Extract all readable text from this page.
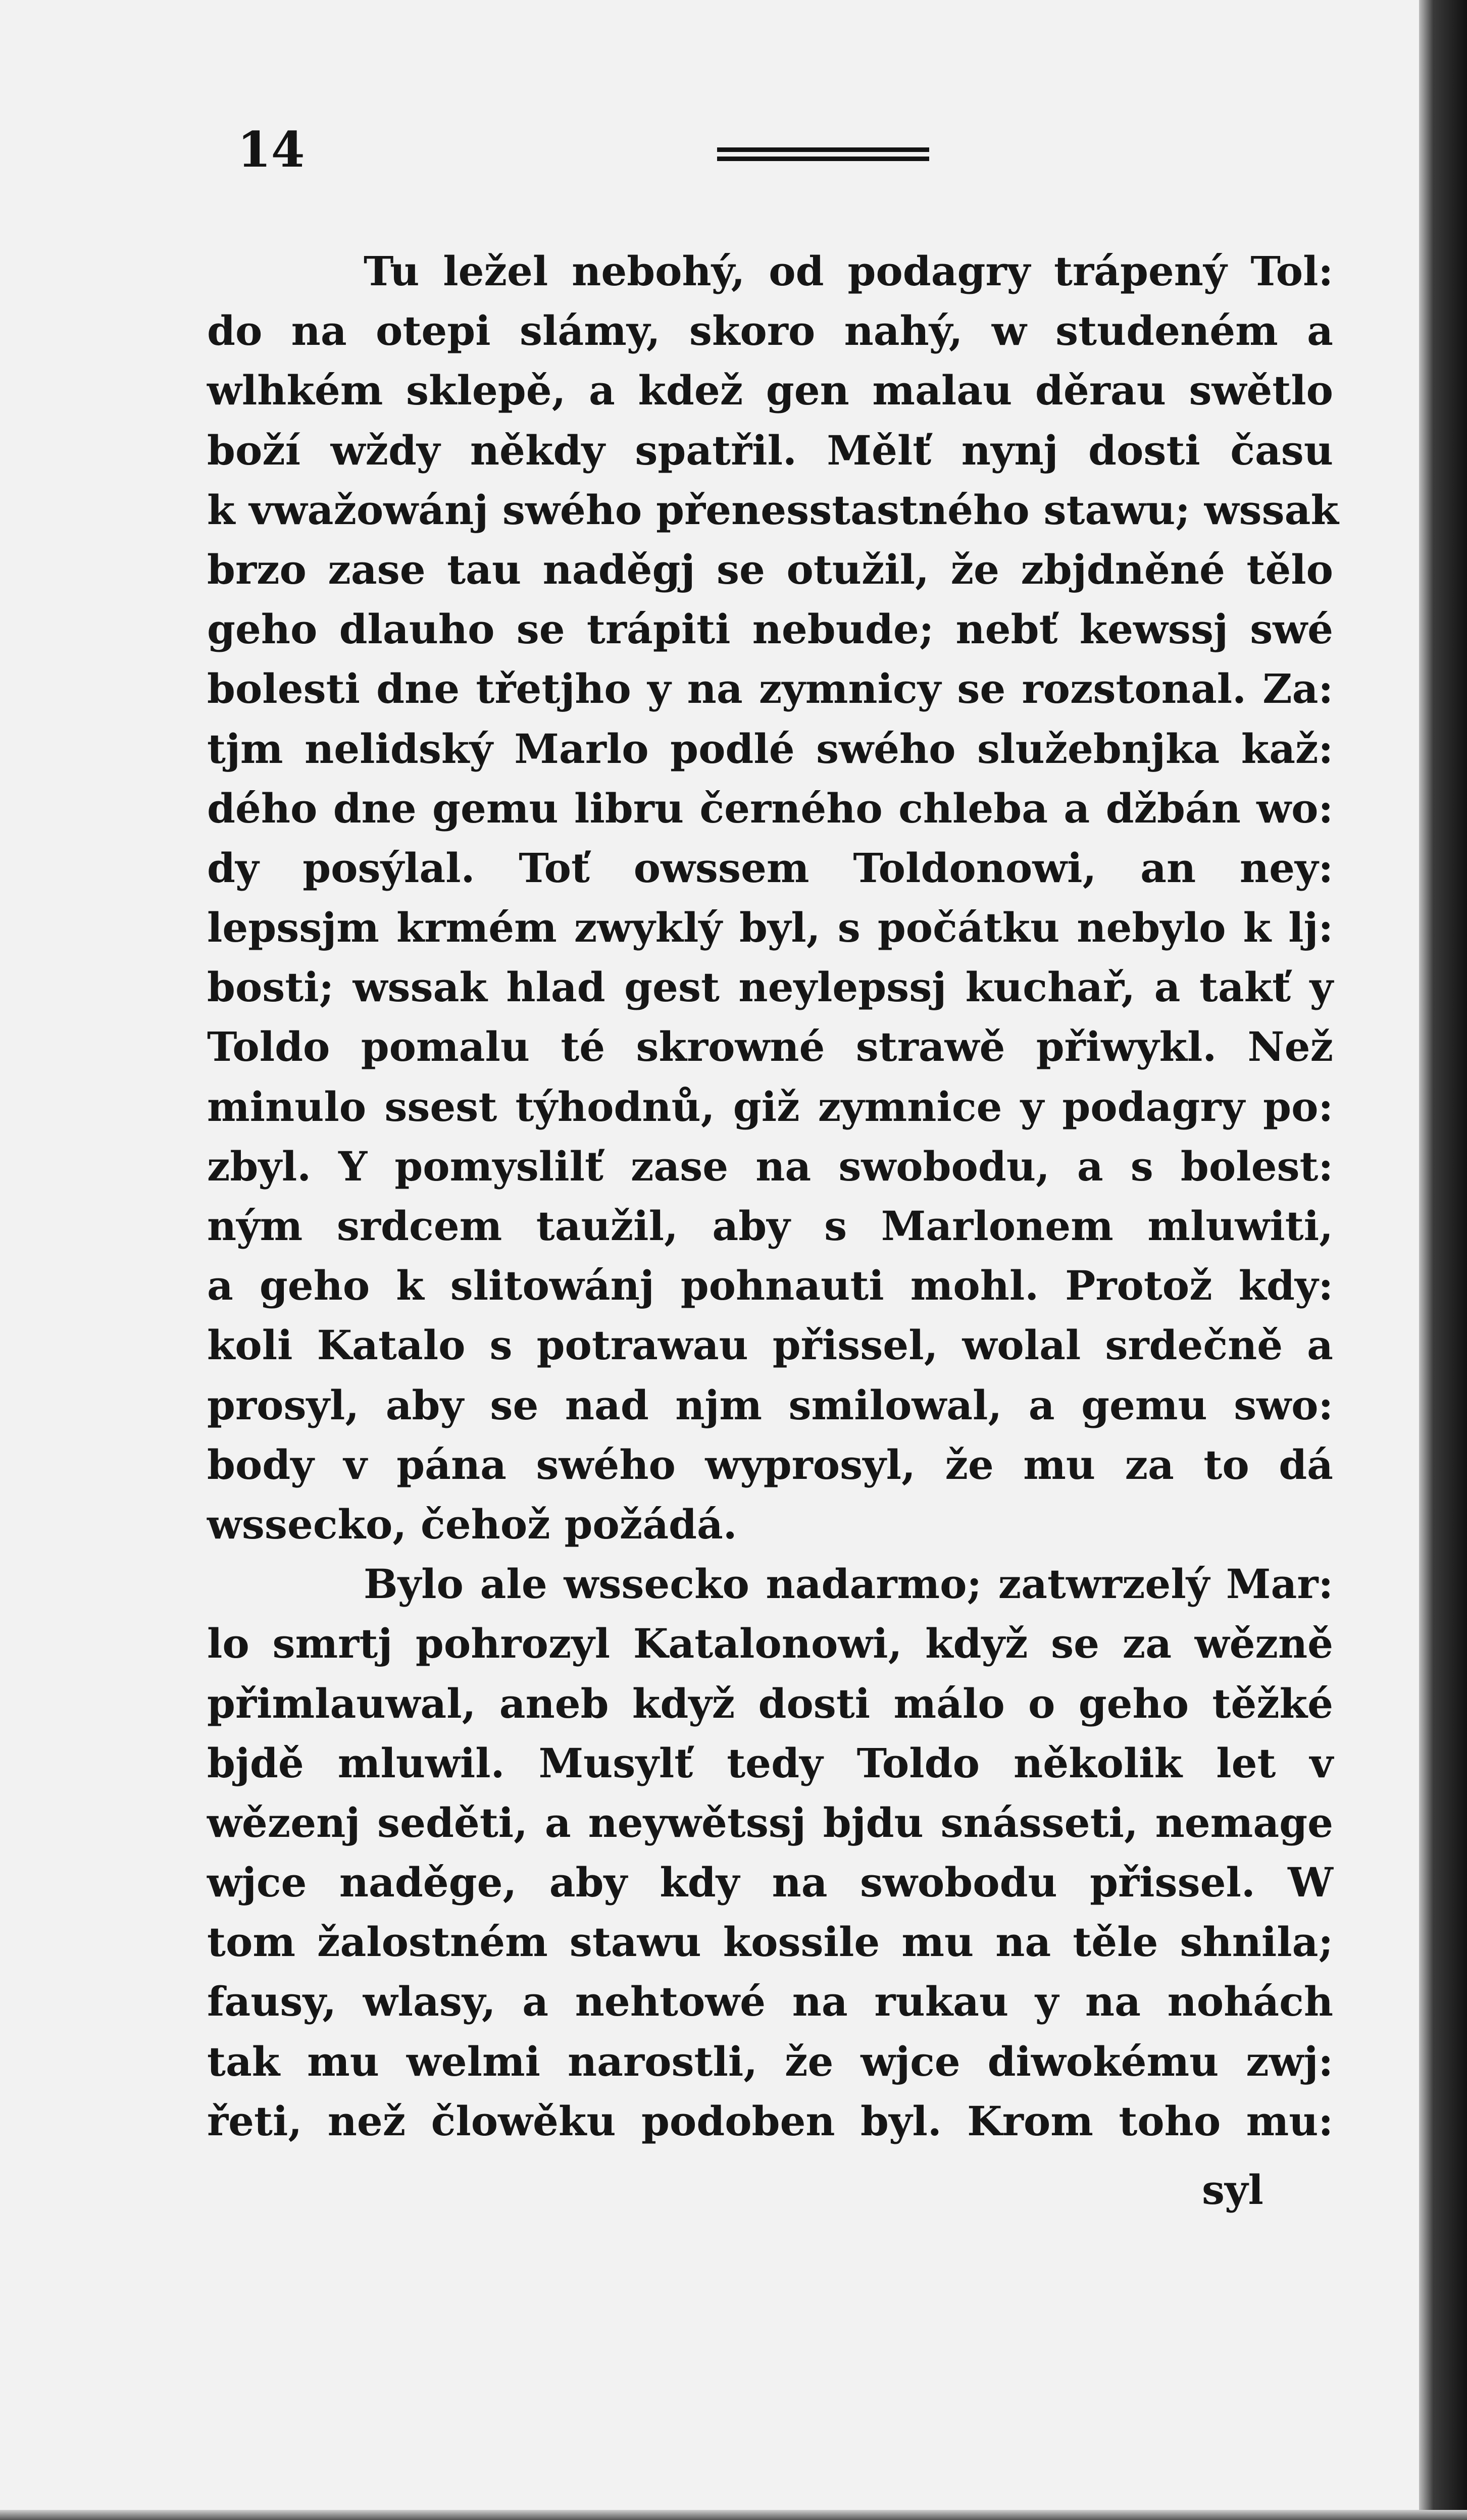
14
Tu ležel nebohý, od podagry trápený Tol:
do na otepi slámy, skoro nahý, w studeném a
wlhkém sklepě, a kdež gen malau děrau swětlo
boží wždy někdy spatřil. Mělť nynj dosti času
k vwažowánj swého přenesstastného stawu; wssak
brzo zase tau naděgj se otužil, že zbjdněné tělo
geho dlauho se trápiti nebude; nebť kewssj swé
bolesti dne třetjho y na zymnicy se rozstonal. Za:
tjm nelidský Marlo podlé swého služebnjka kaž:
dého dne gemu libru černého chleba a džbán wo:
dy posýlal. Toť owssem Toldonowi, an ney:
lepssjm krmém zwyklý byl, s počátku nebylo k lj:
bosti; wssak hlad gest neylepssj kuchař, a takť y
Toldo pomalu té skrowné strawě přiwykl. Než
minulo ssest týhodnů, giž zymnice y podagry po:
zbyl. Y pomyslilť zase na swobodu, a s bolest:
ným srdcem taužil, aby s Marlonem mluwiti,
a geho k slitowánj pohnauti mohl. Protož kdy:
koli Katalo s potrawau přissel, wolal srdečně a
prosyl, aby se nad njm smilowal, a gemu swo:
body v pána swého wyprosyl, že mu za to dá
wssecko, čehož požádá.
Bylo ale wssecko nadarmo; zatwrzelý Mar:
lo smrtj pohrozyl Katalonowi, když se za wězně
přimlauwal, aneb když dosti málo o geho těžké
bjdě mluwil. Musylť tedy Toldo několik let v
wězenj seděti, a neywětssj bjdu snásseti, nemage
wjce naděge, aby kdy na swobodu přissel. W
tom žalostném stawu kossile mu na těle shnila;
fausy, wlasy, a nehtowé na rukau y na nohách
tak mu welmi narostli, že wjce diwokému zwj:
řeti, než člowěku podoben byl. Krom toho mu:
syl
